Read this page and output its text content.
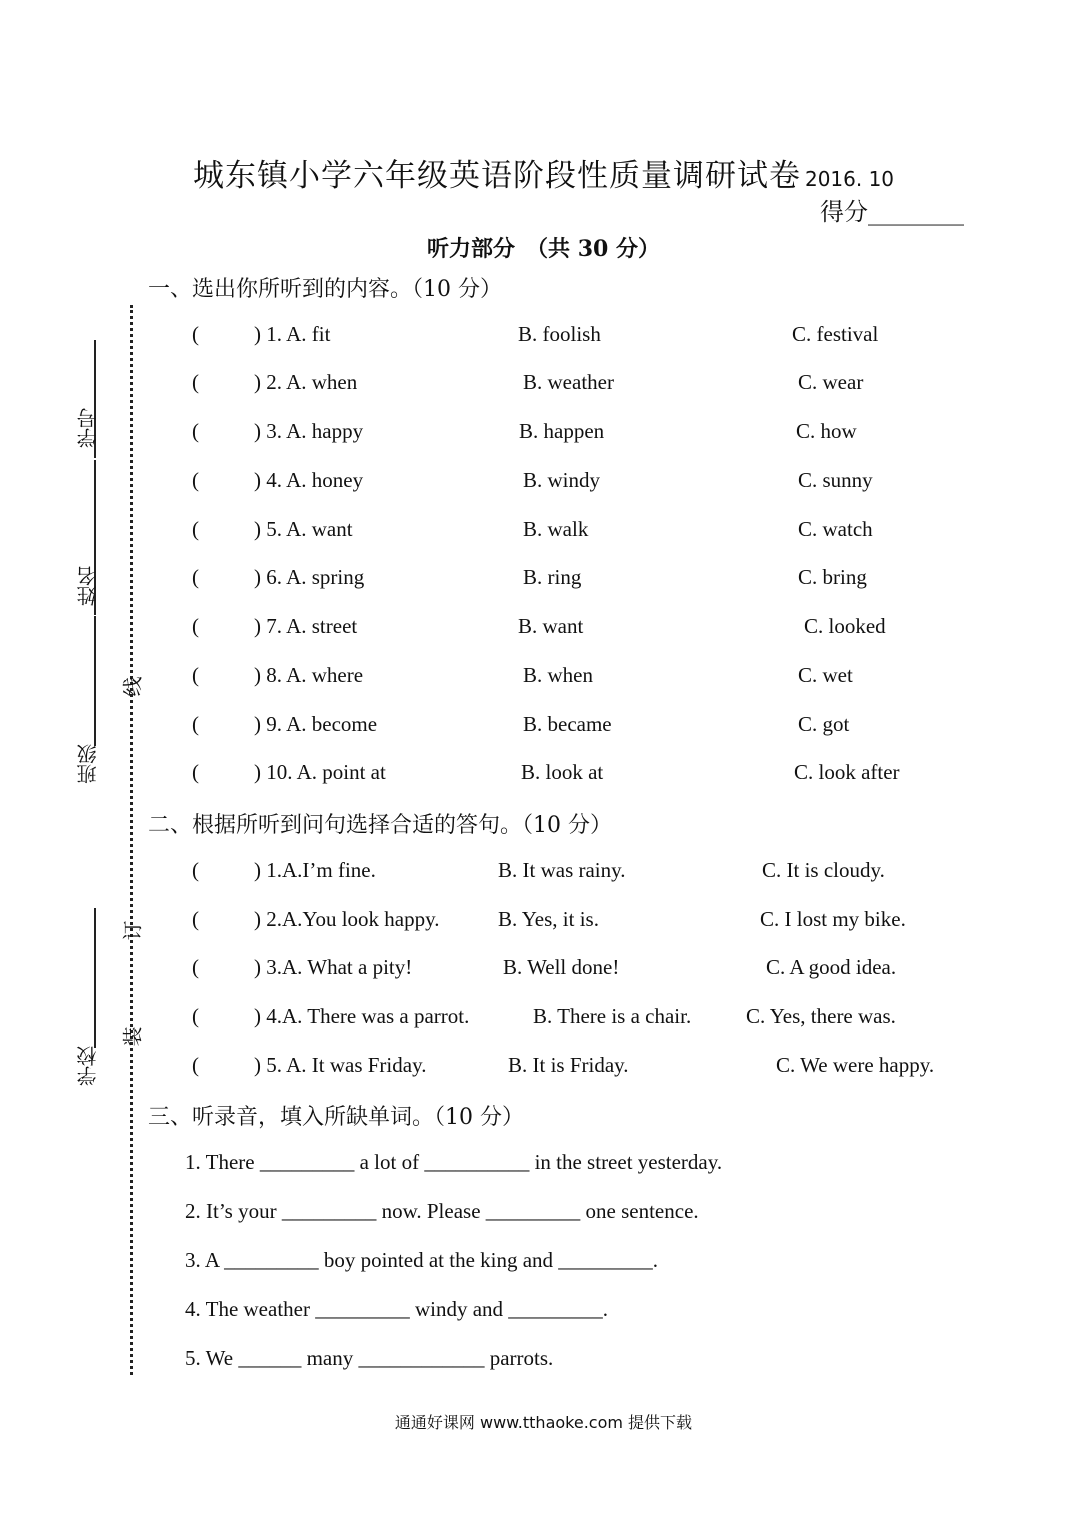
城东镇小学六年级英语阶段性质量调研试卷 2016. 10
得分________
听力部分　（共 30 分）
学号
姓名
班级
学校
线
订
装
一、选出你所听到的内容。（10 分）
(	) 1. A. fit	B. foolish	C. festival
(	) 2. A. when	B. weather	C. wear
(	) 3. A. happy	B. happen	C. how
(	) 4. A. honey	B. windy	C. sunny
(	) 5. A. want	B. walk	C. watch
(	) 6. A. spring	B. ring	C. bring
(	) 7. A. street	B. want	C. looked
(	) 8. A. where	B. when	C. wet
(	) 9. A. become	B. became	C. got
(	) 10. A. point at	B. look at	C. look after
二、根据所听到问句选择合适的答句。（10 分）
(	) 1.A.I’m fine.	B. It was rainy.	C. It is cloudy.
(	) 2.A.You look happy.	B. Yes, it is.	C. I lost my bike.
(	) 3.A. What a pity!	B. Well done!	C. A good idea.
(	) 4.A. There was a parrot.	B. There is a chair.	C. Yes, there was.
(	) 5. A. It was Friday.	B. It is Friday.	C. We were happy.
三、听录音，填入所缺单词。（10 分）
1. There _________ a lot of __________ in the street yesterday.
2. It’s your _________ now. Please _________ one sentence.
3. A _________ boy pointed at the king and _________.
4. The weather _________ windy and _________.
5. We ______ many ____________ parrots.
通通好课网 www.tthaoke.com 提供下载
